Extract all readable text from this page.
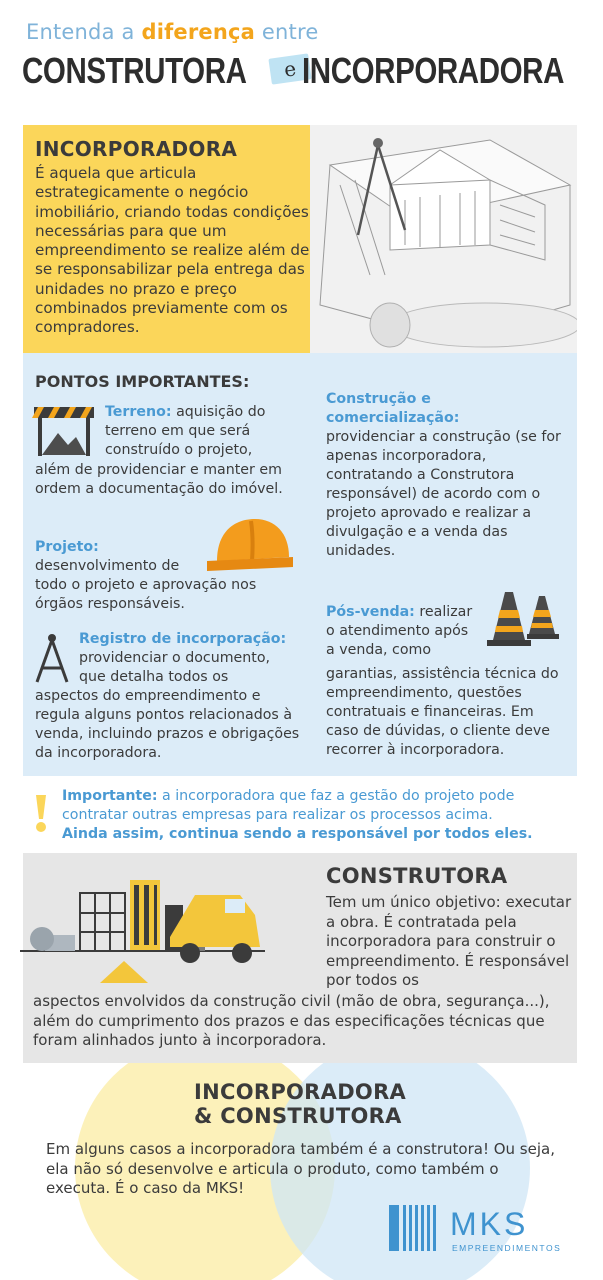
Entenda a diferença entre
CONSTRUTORA	e INCORPORADORA
INCORPORADORA
É aquela que articula estrategicamente o negócio imobiliário, criando todas condições necessárias para que um empreendimento se realize além de se responsabilizar pela entrega das unidades no prazo e preço combinados previamente com os compradores.
PONTOS IMPORTANTES:
Terreno: aquisição do
terreno em que será
construído o projeto,
além de providenciar e manter em ordem a documentação do imóvel.
Projeto:
desenvolvimento de
todo o projeto e aprovação nos órgãos responsáveis.
Registro de incorporação:
providenciar o documento,
que detalha todos os
aspectos do empreendimento e regula alguns pontos relacionados à venda, incluindo prazos e obrigações da incorporadora.
Construção e comercialização:
providenciar a construção (se for apenas incorporadora, contratando a Construtora responsável) de acordo com o projeto aprovado e realizar a divulgação e a venda das unidades.
Pós-venda: realizar
o atendimento após
a venda, como
garantias, assistência técnica do empreendimento, questões contratuais e financeiras. Em caso de dúvidas, o cliente deve recorrer à incorporadora.
Importante: a incorporadora que faz a gestão do projeto pode contratar outras empresas para realizar os processos acima.
Ainda assim, continua sendo a responsável por todos eles.
CONSTRUTORA
Tem um único objetivo: executar a obra. É contratada pela incorporadora para construir o empreendimento. É responsável por todos os
aspectos envolvidos da construção civil (mão de obra, segurança...), além do cumprimento dos prazos e das especificações técnicas que foram alinhados junto à incorporadora.
INCORPORADORA
& CONSTRUTORA
Em alguns casos a incorporadora também é a construtora! Ou seja, ela não só desenvolve e articula o produto, como também o executa. É o caso da MKS!
MKS
EMPREENDIMENTOS
